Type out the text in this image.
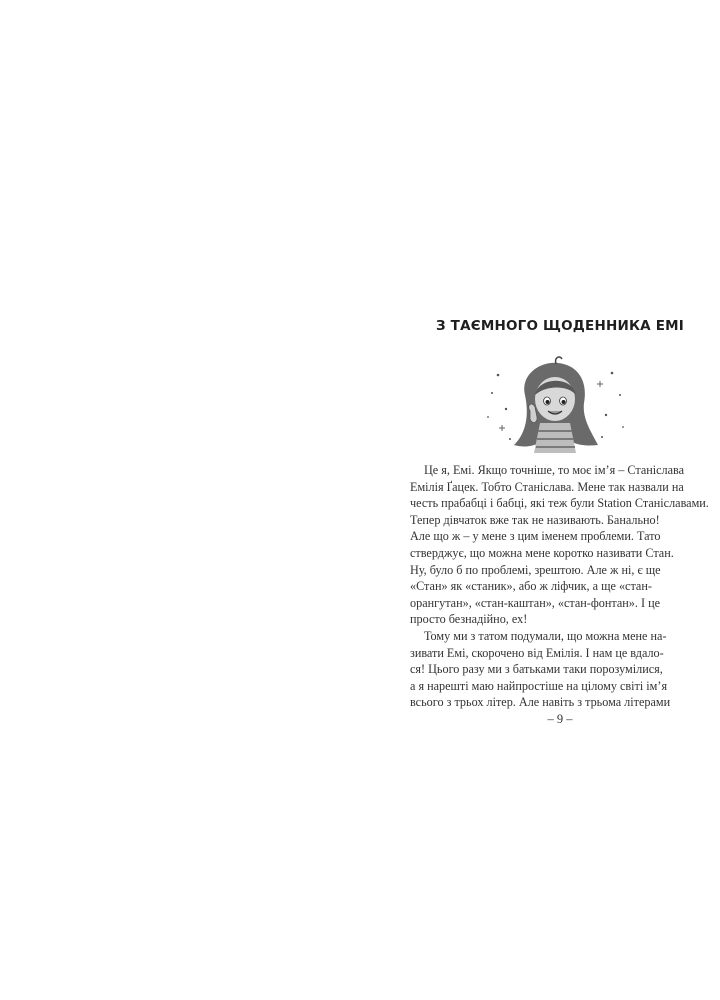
З ТАЄМНОГО ЩОДЕННИКА ЕМІ
Це я, Емі. Якщо точніше, то моє ім’я – Станіслава
Емілія Ґацек. Тобто Станіслава. Мене так назвали на
честь прабабці і бабці, які теж були Station Станіславами.
Тепер дівчаток вже так не називають. Банально!
Але що ж – у мене з цим іменем проблеми. Тато
стверджує, що можна мене коротко називати Стан.
Ну, було б по проблемі, зрештою. Але ж ні, є ще
«Стан» як «станик», або ж ліфчик, а ще «стан-
орангутан», «стан-каштан», «стан-фонтан». І це
просто безнадійно, ех!
Тому ми з татом подумали, що можна мене на-
зивати Емі, скорочено від Емілія. І нам це вдало-
ся! Цього разу ми з батьками таки порозумілися,
а я нарешті маю найпростіше на цілому світі ім’я
всього з трьох літер. Але навіть з трьома літерами
– 9 –
